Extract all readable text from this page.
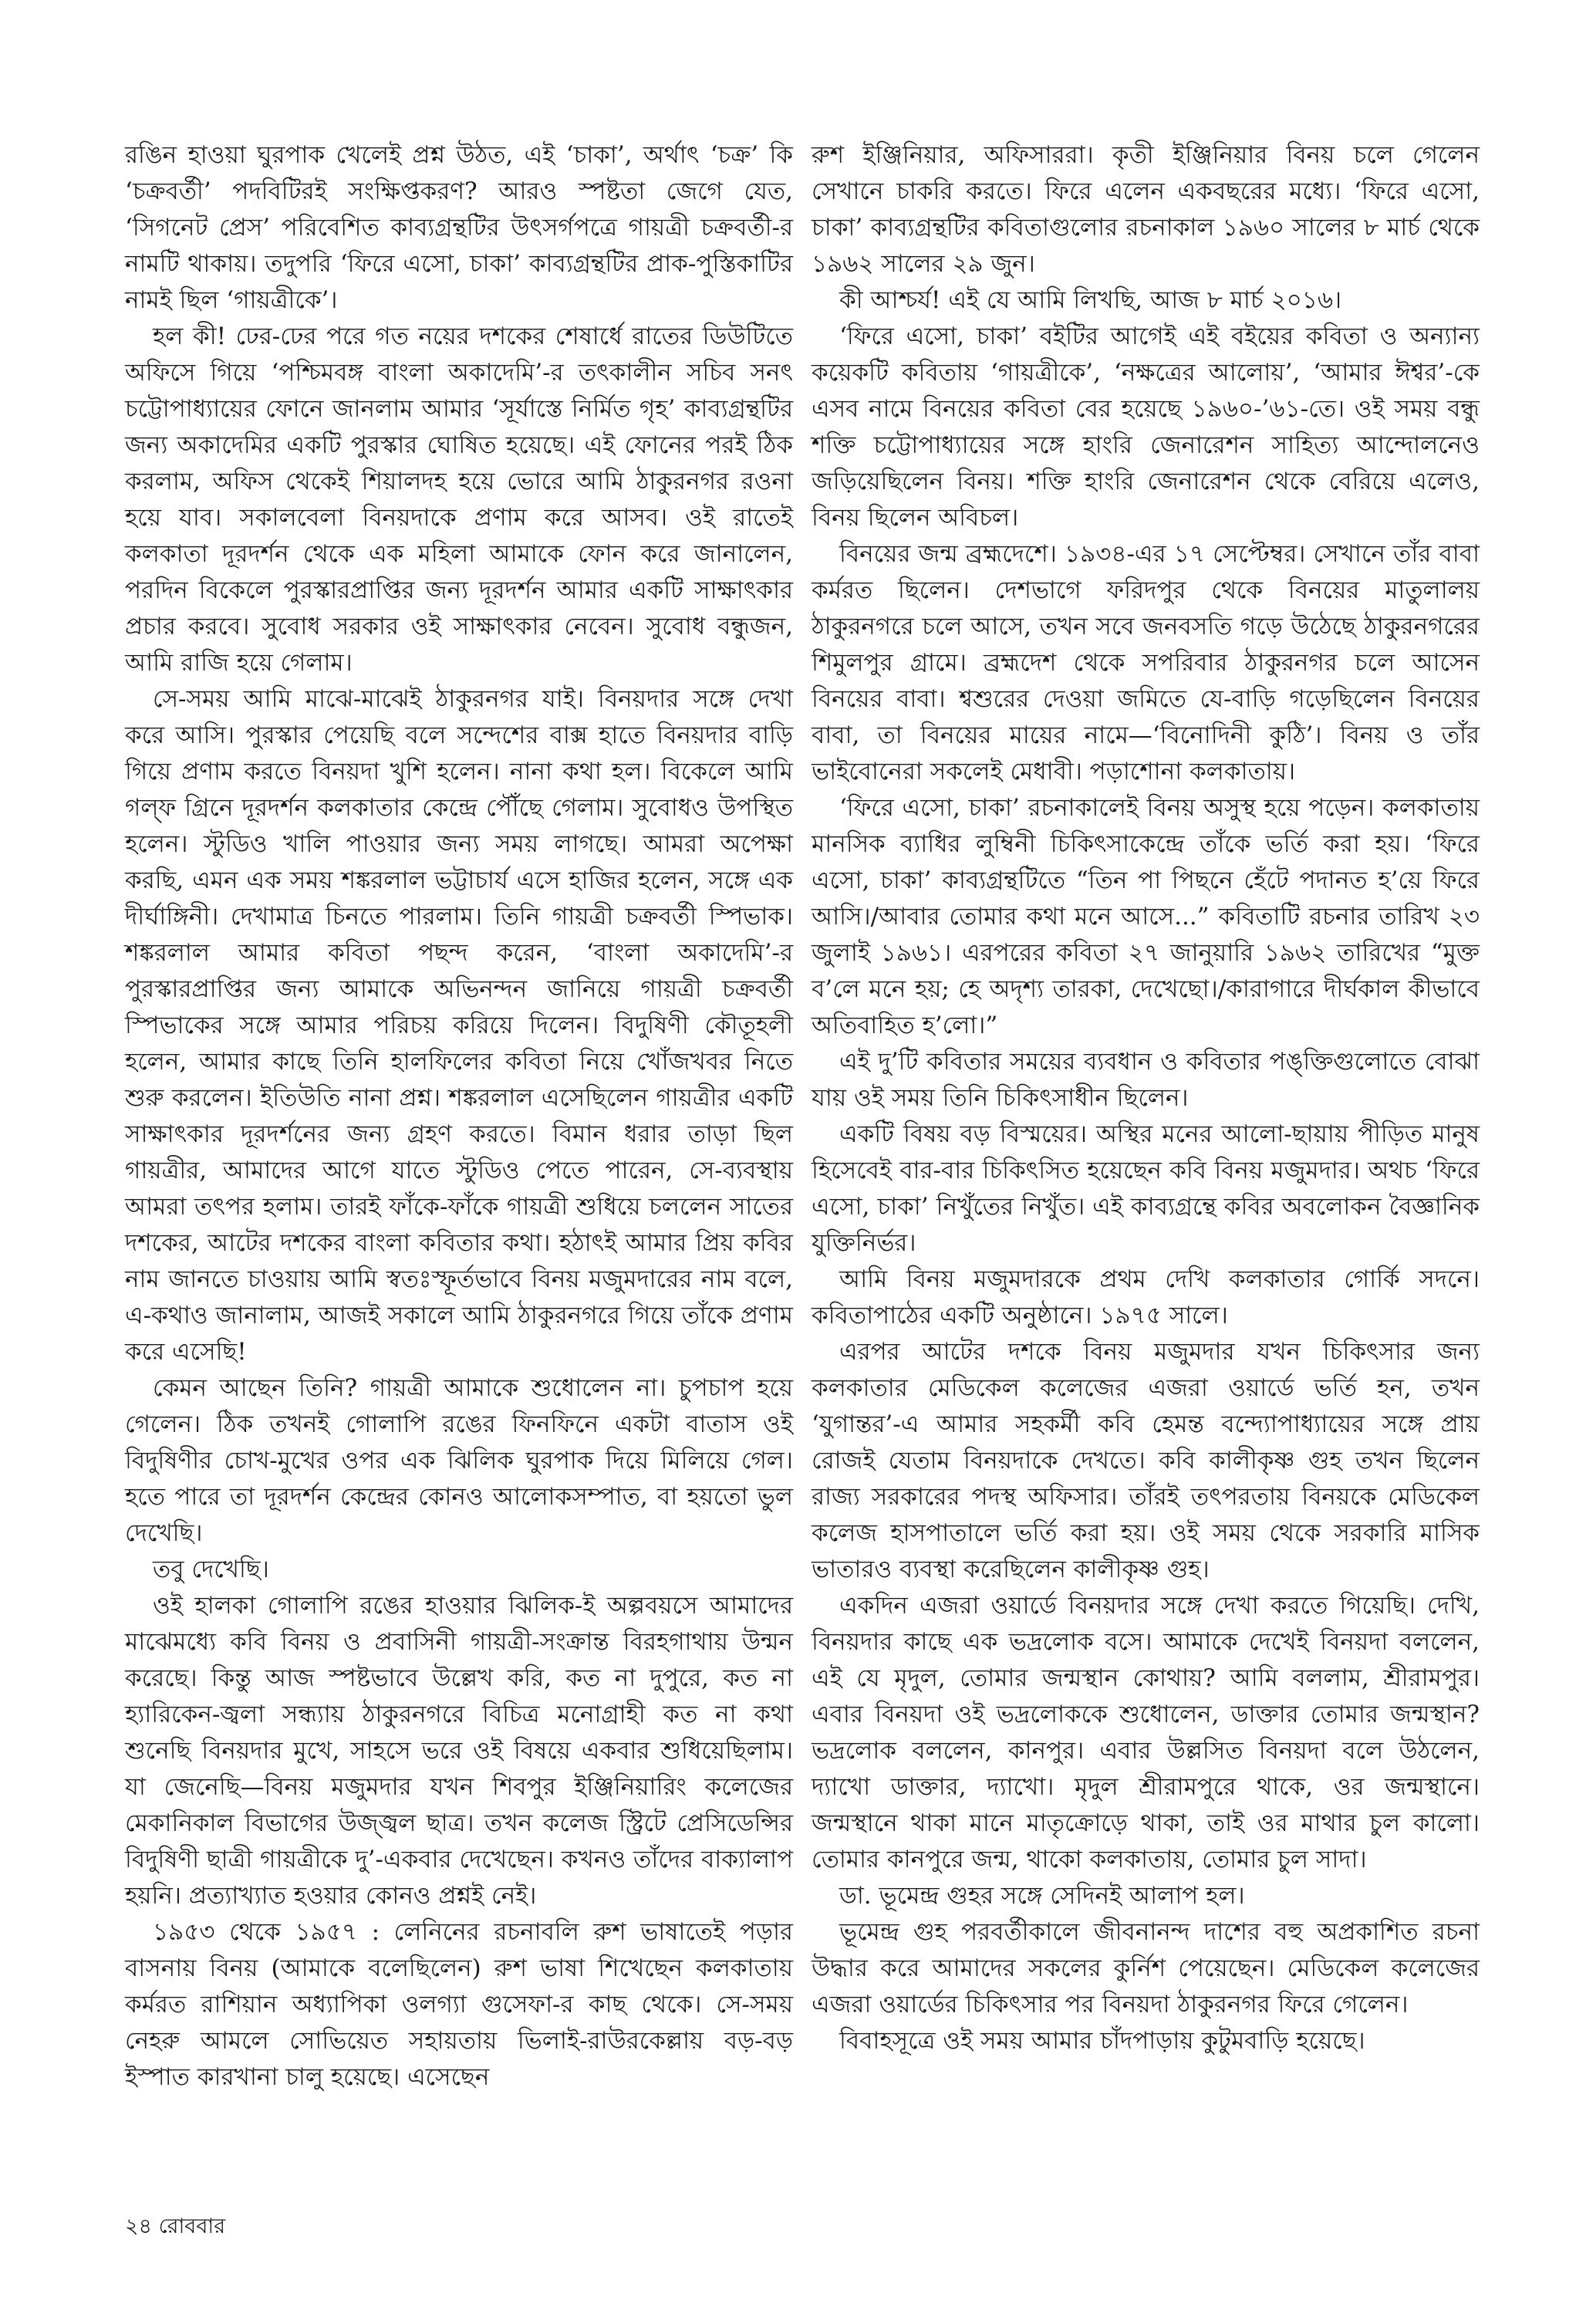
রঙিন হাওয়া ঘুরপাক খেলেই প্রশ্ন উঠত, এই ‘চাকা’, অর্থাৎ ‘চক্র’ কি ‘চক্রবর্তী’ পদবিটিরই সংক্ষিপ্তকরণ? আরও স্পষ্টতা জেগে যেত, ‘সিগনেট প্রেস’ পরিবেশিত কাব্যগ্রন্থটির উৎসর্গপত্রে গায়ত্রী চক্রবর্তী-র নামটি থাকায়। তদুপরি ‘ফিরে এসো, চাকা’ কাব্যগ্রন্থটির প্রাক-পুস্তিকাটির নামই ছিল ‘গায়ত্রীকে’।

হল কী! ঢের-ঢের পরে গত নয়ের দশকের শেষার্ধে রাতের ডিউটিতে অফিসে গিয়ে ‘পশ্চিমবঙ্গ বাংলা অকাদেমি’-র তৎকালীন সচিব সনৎ চট্টোপাধ্যায়ের ফোনে জানলাম আমার ‘সূর্যাস্তে নির্মিত গৃহ’ কাব্যগ্রন্থটির জন্য অকাদেমির একটি পুরস্কার ঘোষিত হয়েছে। এই ফোনের পরই ঠিক করলাম, অফিস থেকেই শিয়ালদহ হয়ে ভোরে আমি ঠাকুরনগর রওনা হয়ে যাব। সকালবেলা বিনয়দাকে প্রণাম করে আসব। ওই রাতেই কলকাতা দূরদর্শন থেকে এক মহিলা আমাকে ফোন করে জানালেন, পরদিন বিকেলে পুরস্কারপ্রাপ্তির জন্য দূরদর্শন আমার একটি সাক্ষাৎকার প্রচার করবে। সুবোধ সরকার ওই সাক্ষাৎকার নেবেন। সুবোধ বন্ধুজন, আমি রাজি হয়ে গেলাম।

সে-সময় আমি মাঝে-মাঝেই ঠাকুরনগর যাই। বিনয়দার সঙ্গে দেখা করে আসি। পুরস্কার পেয়েছি বলে সন্দেশের বাক্স হাতে বিনয়দার বাড়ি গিয়ে প্রণাম করতে বিনয়দা খুশি হলেন। নানা কথা হল। বিকেলে আমি গল্‌ফ গ্রিনে দূরদর্শন কলকাতার কেন্দ্রে পৌঁছে গেলাম। সুবোধও উপস্থিত হলেন। স্টুডিও খালি পাওয়ার জন্য সময় লাগছে। আমরা অপেক্ষা করছি, এমন এক সময় শঙ্করলাল ভট্টাচার্য এসে হাজির হলেন, সঙ্গে এক দীর্ঘাঙ্গিনী। দেখামাত্র চিনতে পারলাম। তিনি গায়ত্রী চক্রবর্তী স্পিভাক। শঙ্করলাল আমার কবিতা পছন্দ করেন, ‘বাংলা অকাদেমি’-র পুরস্কারপ্রাপ্তির জন্য আমাকে অভিনন্দন জানিয়ে গায়ত্রী চক্রবর্তী স্পিভাকের সঙ্গে আমার পরিচয় করিয়ে দিলেন। বিদুষিণী কৌতূহলী হলেন, আমার কাছে তিনি হালফিলের কবিতা নিয়ে খোঁজখবর নিতে শুরু করলেন। ইতিউতি নানা প্রশ্ন। শঙ্করলাল এসেছিলেন গায়ত্রীর একটি সাক্ষাৎকার দূরদর্শনের জন্য গ্রহণ করতে। বিমান ধরার তাড়া ছিল গায়ত্রীর, আমাদের আগে যাতে স্টুডিও পেতে পারেন, সে-ব্যবস্থায় আমরা তৎপর হলাম। তারই ফাঁকে-ফাঁকে গায়ত্রী শুধিয়ে চললেন সাতের দশকের, আটের দশকের বাংলা কবিতার কথা। হঠাৎই আমার প্রিয় কবির নাম জানতে চাওয়ায় আমি স্বতঃস্ফূর্তভাবে বিনয় মজুমদারের নাম বলে, এ-কথাও জানালাম, আজই সকালে আমি ঠাকুরনগরে গিয়ে তাঁকে প্রণাম করে এসেছি!

কেমন আছেন তিনি? গায়ত্রী আমাকে শুধোলেন না। চুপচাপ হয়ে গেলেন। ঠিক তখনই গোলাপি রঙের ফিনফিনে একটা বাতাস ওই বিদুষিণীর চোখ-মুখের ওপর এক ঝিলিক ঘুরপাক দিয়ে মিলিয়ে গেল। হতে পারে তা দূরদর্শন কেন্দ্রের কোনও আলোকসম্পাত, বা হয়তো ভুল দেখেছি।

তবু দেখেছি।

ওই হালকা গোলাপি রঙের হাওয়ার ঝিলিক-ই অল্পবয়সে আমাদের মাঝেমধ্যে কবি বিনয় ও প্রবাসিনী গায়ত্রী-সংক্রান্ত বিরহগাথায় উন্মন করেছে। কিন্তু আজ স্পষ্টভাবে উল্লেখ করি, কত না দুপুরে, কত না হ্যারিকেন-জ্বলা সন্ধ্যায় ঠাকুরনগরে বিচিত্র মনোগ্রাহী কত না কথা শুনেছি বিনয়দার মুখে, সাহসে ভরে ওই বিষয়ে একবার শুধিয়েছিলাম। যা জেনেছি—বিনয় মজুমদার যখন শিবপুর ইঞ্জিনিয়ারিং কলেজের মেকানিকাল বিভাগের উজ্জ্বল ছাত্র। তখন কলেজ স্ট্রিটে প্রেসিডেন্সির বিদুষিণী ছাত্রী গায়ত্রীকে দু’-একবার দেখেছেন। কখনও তাঁদের বাক্যালাপ হয়নি। প্রত্যাখ্যাত হওয়ার কোনও প্রশ্নই নেই।

১৯৫৩ থেকে ১৯৫৭ : লেনিনের রচনাবলি রুশ ভাষাতেই পড়ার বাসনায় বিনয় (আমাকে বলেছিলেন) রুশ ভাষা শিখেছেন কলকাতায় কর্মরত রাশিয়ান অধ্যাপিকা ওলগ্যা গুসেফা-র কাছ থেকে। সে-সময় নেহরু আমলে সোভিয়েত সহায়তায় ভিলাই-রাউরকেল্লায় বড়-বড় ইস্পাত কারখানা চালু হয়েছে। এসেছেন

রুশ ইঞ্জিনিয়ার, অফিসাররা। কৃতী ইঞ্জিনিয়ার বিনয় চলে গেলেন সেখানে চাকরি করতে। ফিরে এলেন একবছরের মধ্যে। ‘ফিরে এসো, চাকা’ কাব্যগ্রন্থটির কবিতাগুলোর রচনাকাল ১৯৬০ সালের ৮ মার্চ থেকে ১৯৬২ সালের ২৯ জুন।

কী আশ্চর্য! এই যে আমি লিখছি, আজ ৮ মার্চ ২০১৬।

‘ফিরে এসো, চাকা’ বইটির আগেই এই বইয়ের কবিতা ও অন্যান্য কয়েকটি কবিতায় ‘গায়ত্রীকে’, ‘নক্ষত্রের আলোয়’, ‘আমার ঈশ্বর’-কে এসব নামে বিনয়ের কবিতা বের হয়েছে ১৯৬০-’৬১-তে। ওই সময় বন্ধু শক্তি চট্টোপাধ্যায়ের সঙ্গে হাংরি জেনারেশন সাহিত্য আন্দোলনেও জড়িয়েছিলেন বিনয়। শক্তি হাংরি জেনারেশন থেকে বেরিয়ে এলেও, বিনয় ছিলেন অবিচল।

বিনয়ের জন্ম ব্রহ্মদেশে। ১৯৩৪-এর ১৭ সেপ্টেম্বর। সেখানে তাঁর বাবা কর্মরত ছিলেন। দেশভাগে ফরিদপুর থেকে বিনয়ের মাতুলালয় ঠাকুরনগরে চলে আসে, তখন সবে জনবসতি গড়ে উঠেছে ঠাকুরনগরের শিমুলপুর গ্রামে। ব্রহ্মদেশ থেকে সপরিবার ঠাকুরনগর চলে আসেন বিনয়ের বাবা। শ্বশুরের দেওয়া জমিতে যে-বাড়ি গড়েছিলেন বিনয়ের বাবা, তা বিনয়ের মায়ের নামে—‘বিনোদিনী কুঠি’। বিনয় ও তাঁর ভাইবোনেরা সকলেই মেধাবী। পড়াশোনা কলকাতায়।

‘ফিরে এসো, চাকা’ রচনাকালেই বিনয় অসুস্থ হয়ে পড়েন। কলকাতায় মানসিক ব্যাধির লুম্বিনী চিকিৎসাকেন্দ্রে তাঁকে ভর্তি করা হয়। ‘ফিরে এসো, চাকা’ কাব্যগ্রন্থটিতে “তিন পা পিছনে হেঁটে পদানত হ’য়ে ফিরে আসি।/আবার তোমার কথা মনে আসে...” কবিতাটি রচনার তারিখ ২৩ জুলাই ১৯৬১। এরপরের কবিতা ২৭ জানুয়ারি ১৯৬২ তারিখের “মুক্ত ব’লে মনে হয়; হে অদৃশ্য তারকা, দেখেছো।/কারাগারে দীর্ঘকাল কীভাবে অতিবাহিত হ’লো।”

এই দু’টি কবিতার সময়ের ব্যবধান ও কবিতার পঙ্‌ক্তিগুলোতে বোঝা যায় ওই সময় তিনি চিকিৎসাধীন ছিলেন।

একটি বিষয় বড় বিস্ময়ের। অস্থির মনের আলো-ছায়ায় পীড়িত মানুষ হিসেবেই বার-বার চিকিৎসিত হয়েছেন কবি বিনয় মজুমদার। অথচ ‘ফিরে এসো, চাকা’ নিখুঁতের নিখুঁত। এই কাব্যগ্রন্থে কবির অবলোকন বৈজ্ঞানিক যুক্তিনির্ভর।

আমি বিনয় মজুমদারকে প্রথম দেখি কলকাতার গোর্কি সদনে। কবিতাপাঠের একটি অনুষ্ঠানে। ১৯৭৫ সালে।

এরপর আটের দশকে বিনয় মজুমদার যখন চিকিৎসার জন্য কলকাতার মেডিকেল কলেজের এজরা ওয়ার্ডে ভর্তি হন, তখন ‘যুগান্তর’-এ আমার সহকর্মী কবি হেমন্ত বন্দ্যোপাধ্যায়ের সঙ্গে প্রায় রোজই যেতাম বিনয়দাকে দেখতে। কবি কালীকৃষ্ণ গুহ তখন ছিলেন রাজ্য সরকারের পদস্থ অফিসার। তাঁরই তৎপরতায় বিনয়কে মেডিকেল কলেজ হাসপাতালে ভর্তি করা হয়। ওই সময় থেকে সরকারি মাসিক ভাতারও ব্যবস্থা করেছিলেন কালীকৃষ্ণ গুহ।

একদিন এজরা ওয়ার্ডে বিনয়দার সঙ্গে দেখা করতে গিয়েছি। দেখি, বিনয়দার কাছে এক ভদ্রলোক বসে। আমাকে দেখেই বিনয়দা বললেন, এই যে মৃদুল, তোমার জন্মস্থান কোথায়? আমি বললাম, শ্রীরামপুর। এবার বিনয়দা ওই ভদ্রলোককে শুধোলেন, ডাক্তার তোমার জন্মস্থান? ভদ্রলোক বললেন, কানপুর। এবার উল্লসিত বিনয়দা বলে উঠলেন, দ্যাখো ডাক্তার, দ্যাখো। মৃদুল শ্রীরামপুরে থাকে, ওর জন্মস্থানে। জন্মস্থানে থাকা মানে মাতৃক্রোড়ে থাকা, তাই ওর মাথার চুল কালো। তোমার কানপুরে জন্ম, থাকো কলকাতায়, তোমার চুল সাদা।

ডা. ভূমেন্দ্র গুহর সঙ্গে সেদিনই আলাপ হল।

ভূমেন্দ্র গুহ পরবর্তীকালে জীবনানন্দ দাশের বহু অপ্রকাশিত রচনা উদ্ধার করে আমাদের সকলের কুর্নিশ পেয়েছেন। মেডিকেল কলেজের এজরা ওয়ার্ডের চিকিৎসার পর বিনয়দা ঠাকুরনগর ফিরে গেলেন।

বিবাহসূত্রে ওই সময় আমার চাঁদপাড়ায় কুটুমবাড়ি হয়েছে।

২৪ রোববার
